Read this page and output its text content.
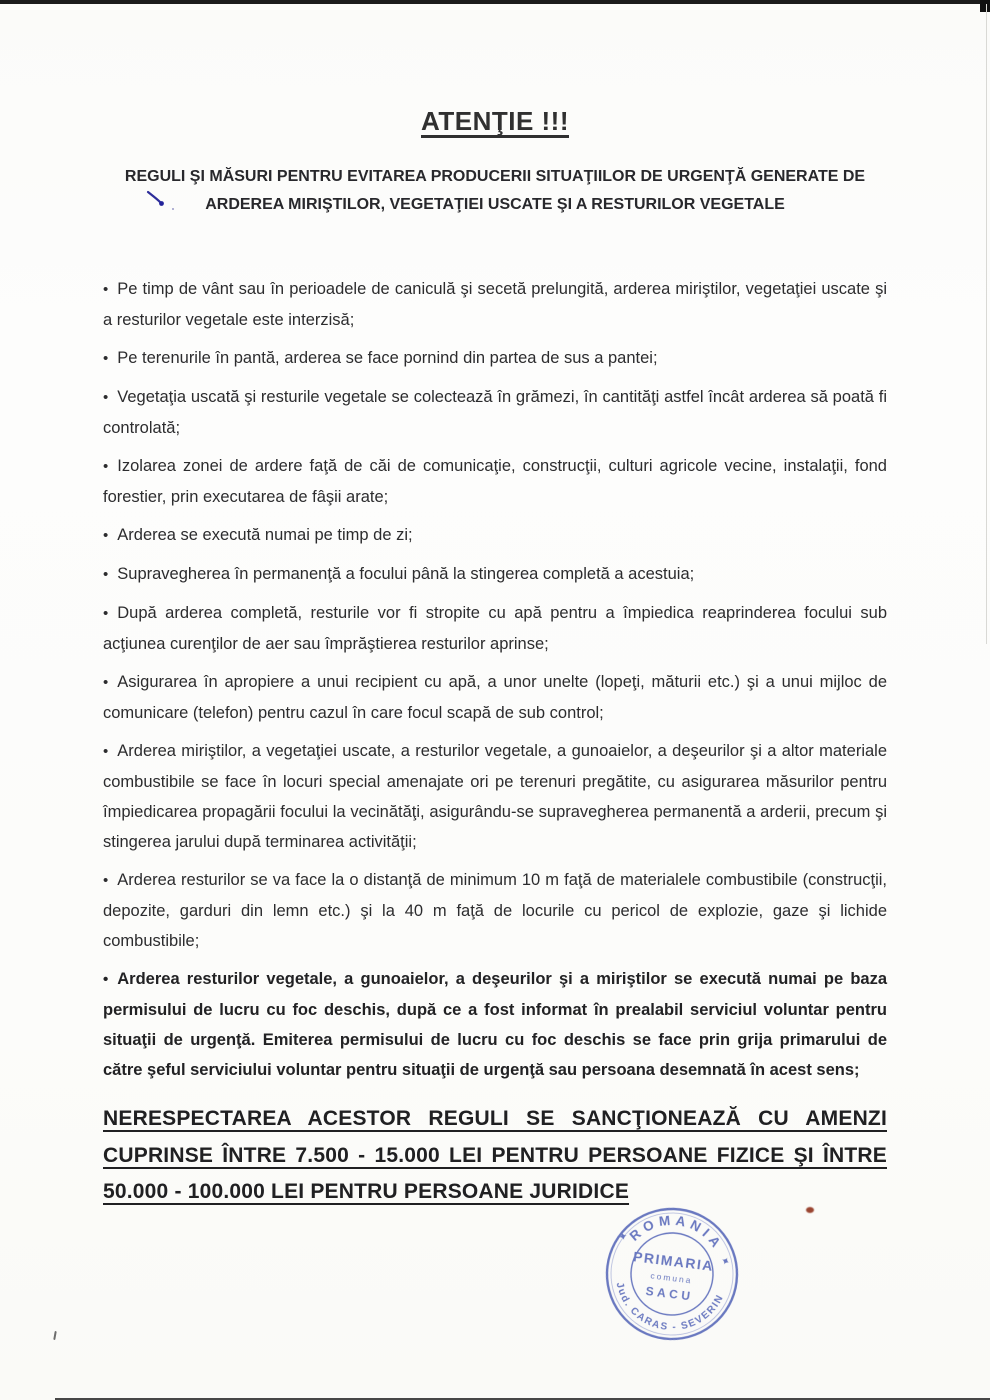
ATENŢIE !!!
REGULI ŞI MĂSURI PENTRU EVITAREA PRODUCERII SITUAŢIILOR DE URGENŢĂ GENERATE DE
ARDEREA MIRIŞTILOR, VEGETAŢIEI USCATE ŞI A RESTURILOR VEGETALE

• Pe timp de vânt sau în perioadele de caniculă şi secetă prelungită, arderea miriştilor, vegetaţiei uscate şi a resturilor vegetale este interzisă;

• Pe terenurile în pantă, arderea se face pornind din partea de sus a pantei;

• Vegetaţia uscată şi resturile vegetale se colectează în grămezi, în cantităţi astfel încât arderea să poată fi controlată;

• Izolarea zonei de ardere faţă de căi de comunicaţie, construcţii, culturi agricole vecine, instalaţii, fond forestier, prin executarea de fâşii arate;

• Arderea se execută numai pe timp de zi;

• Supravegherea în permanenţă a focului până la stingerea completă a acestuia;

• După arderea completă, resturile vor fi stropite cu apă pentru a împiedica reaprinderea focului sub acţiunea curenţilor de aer sau împrăştierea resturilor aprinse;

• Asigurarea în apropiere a unui recipient cu apă, a unor unelte (lopeţi, măturii etc.) şi a unui mijloc de comunicare (telefon) pentru cazul în care focul scapă de sub control;

• Arderea miriştilor, a vegetaţiei uscate, a resturilor vegetale, a gunoaielor, a deşeurilor şi a altor materiale combustibile se face în locuri special amenajate ori pe terenuri pregătite, cu asigurarea măsurilor pentru împiedicarea propagării focului la vecinătăţi, asigurându-se supravegherea permanentă a arderii, precum şi stingerea jarului după terminarea activităţii;

• Arderea resturilor se va face la o distanţă de minimum 10 m faţă de materialele combustibile (construcţii, depozite, garduri din lemn etc.) şi la 40 m faţă de locurile cu pericol de explozie, gaze şi lichide combustibile;

• Arderea resturilor vegetale, a gunoaielor, a deşeurilor şi a miriştilor se execută numai pe baza permisului de lucru cu foc deschis, după ce a fost informat în prealabil serviciul voluntar pentru situaţii de urgenţă. Emiterea permisului de lucru cu foc deschis se face prin grija primarului de către şeful serviciului voluntar pentru situaţii de urgenţă sau persoana desemnată în acest sens;

NERESPECTAREA ACESTOR REGULI SE SANCŢIONEAZĂ CU AMENZI CUPRINSE ÎNTRE 7.500 - 15.000 LEI PENTRU PERSOANE FIZICE ŞI ÎNTRE 50.000 - 100.000 LEI PENTRU PERSOANE JURIDICE

ROMANIA
Jud. CARAS - SEVERIN
✦
✦
PRIMARIA
comuna
SACU
